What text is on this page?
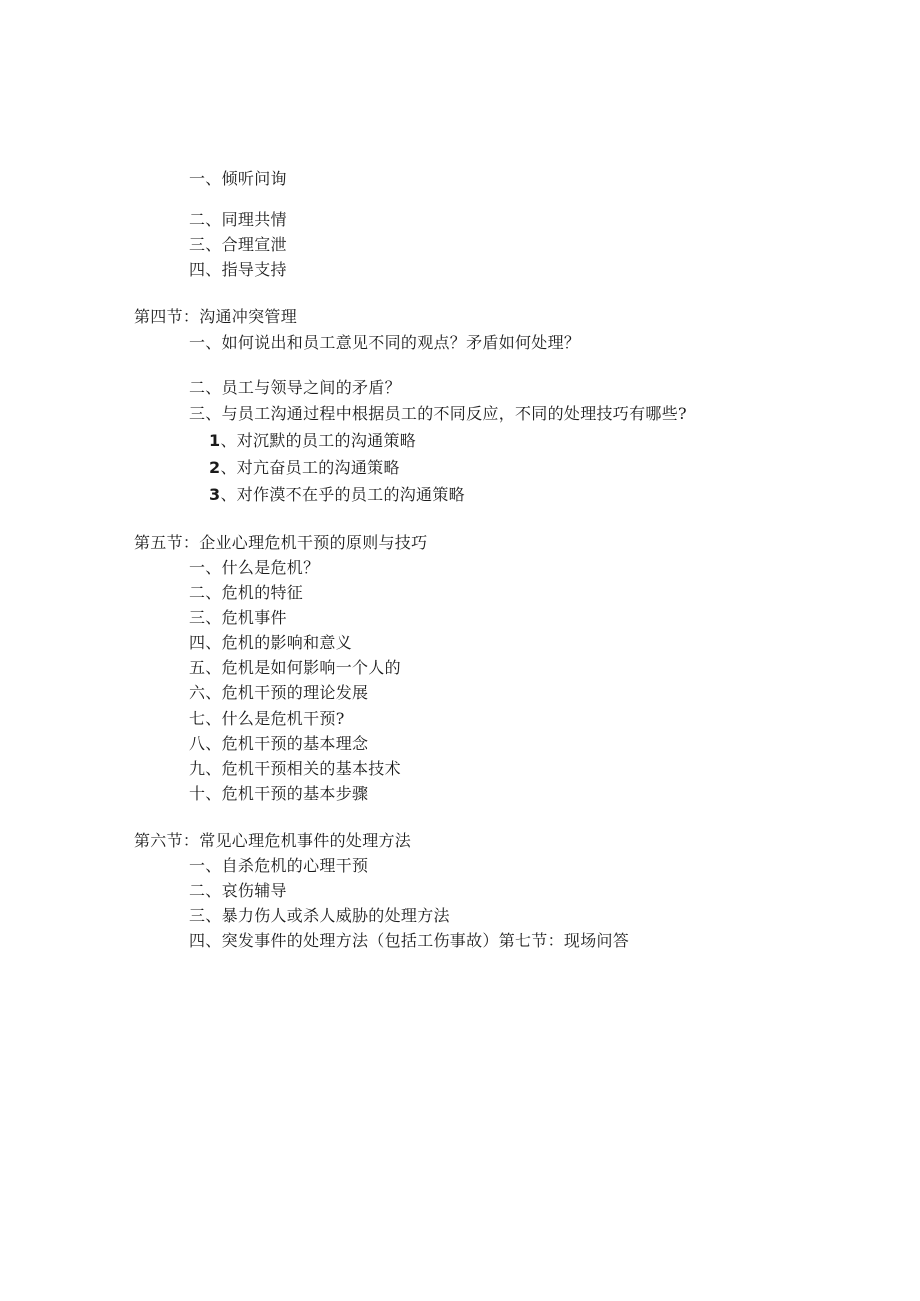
一、倾听问询
二、同理共情
三、合理宣泄
四、指导支持
第四节：沟通冲突管理
一、如何说出和员工意见不同的观点？矛盾如何处理？
二、员工与领导之间的矛盾？
三、与员工沟通过程中根据员工的不同反应，不同的处理技巧有哪些?
1、对沉默的员工的沟通策略
2、对亢奋员工的沟通策略
3、对作漠不在乎的员工的沟通策略
第五节：企业心理危机干预的原则与技巧
一、什么是危机？
二、危机的特征
三、危机事件
四、危机的影响和意义
五、危机是如何影响一个人的
六、危机干预的理论发展
七、什么是危机干预?
八、危机干预的基本理念
九、危机干预相关的基本技术
十、危机干预的基本步骤
第六节：常见心理危机事件的处理方法
一、自杀危机的心理干预
二、哀伤辅导
三、暴力伤人或杀人威胁的处理方法
四、突发事件的处理方法（包括工伤事故）第七节：现场问答
